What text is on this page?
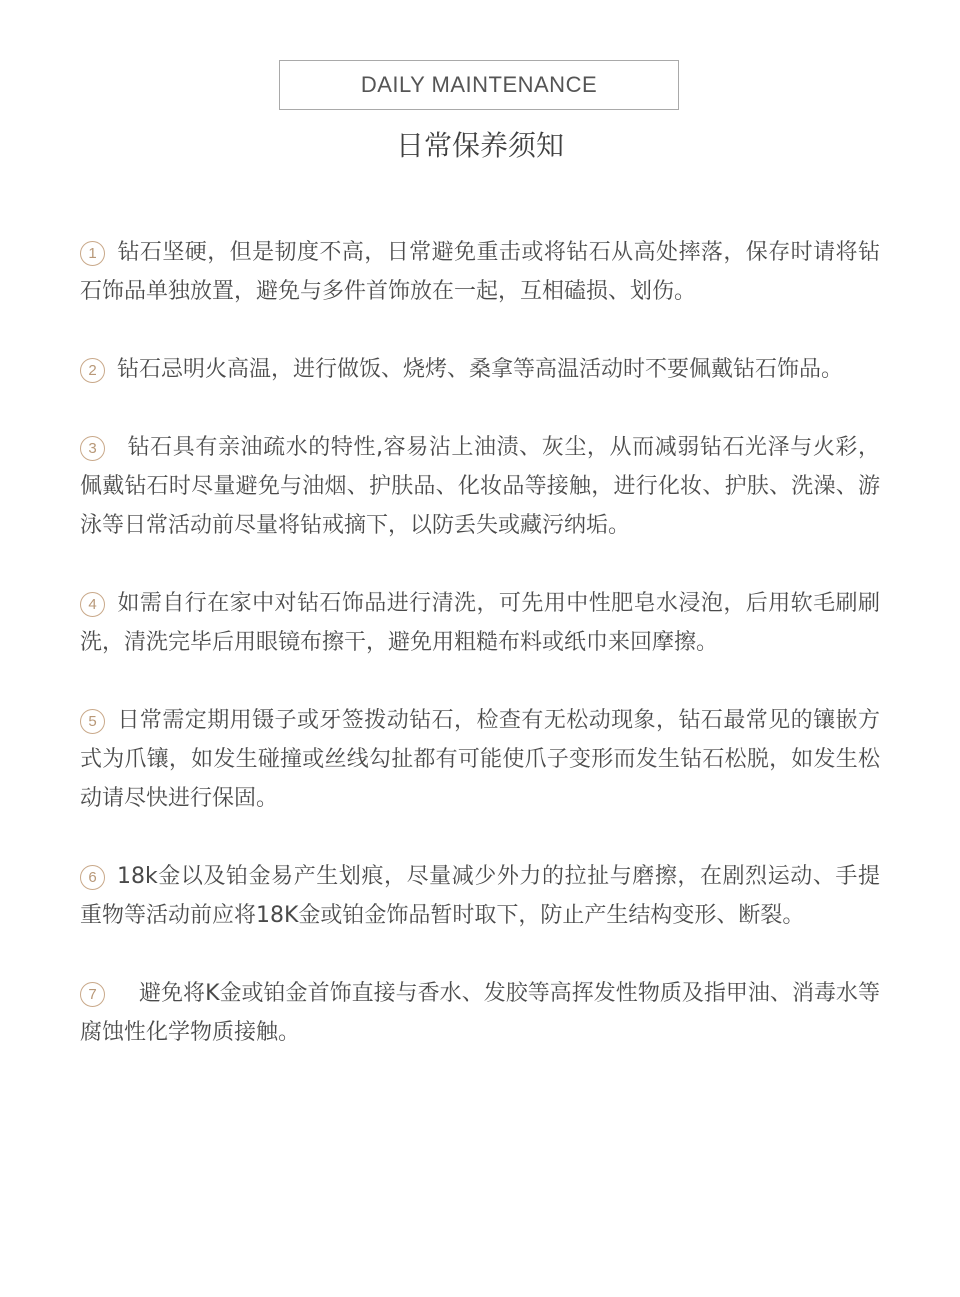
DAILY MAINTENANCE
日常保养须知

1 钻石坚硬，但是韧度不高，日常避免重击或将钻石从高处摔落，保存时请将钻石饰品单独放置，避免与多件首饰放在一起，互相磕损、划伤。

2 钻石忌明火高温，进行做饭、烧烤、桑拿等高温活动时不要佩戴钻石饰品。

3 钻石具有亲油疏水的特性,容易沾上油渍、灰尘，从而减弱钻石光泽与火彩， 佩戴钻石时尽量避免与油烟、护肤品、化妆品等接触，进行化妆、护肤、洗澡、游泳等日常活动前尽量将钻戒摘下，以防丢失或藏污纳垢。

4 如需自行在家中对钻石饰品进行清洗，可先用中性肥皂水浸泡，后用软毛刷刷洗，清洗完毕后用眼镜布擦干，避免用粗糙布料或纸巾来回摩擦。

5 日常需定期用镊子或牙签拨动钻石，检查有无松动现象，钻石最常见的镶嵌方式为爪镶，如发生碰撞或丝线勾扯都有可能使爪子变形而发生钻石松脱，如发生松动请尽快进行保固。

6 18k金以及铂金易产生划痕，尽量减少外力的拉扯与磨擦，在剧烈运动、手提重物等活动前应将18K金或铂金饰品暂时取下，防止产生结构变形、断裂。

7 避免将K金或铂金首饰直接与香水、发胶等高挥发性物质及指甲油、消毒水等腐蚀性化学物质接触。
